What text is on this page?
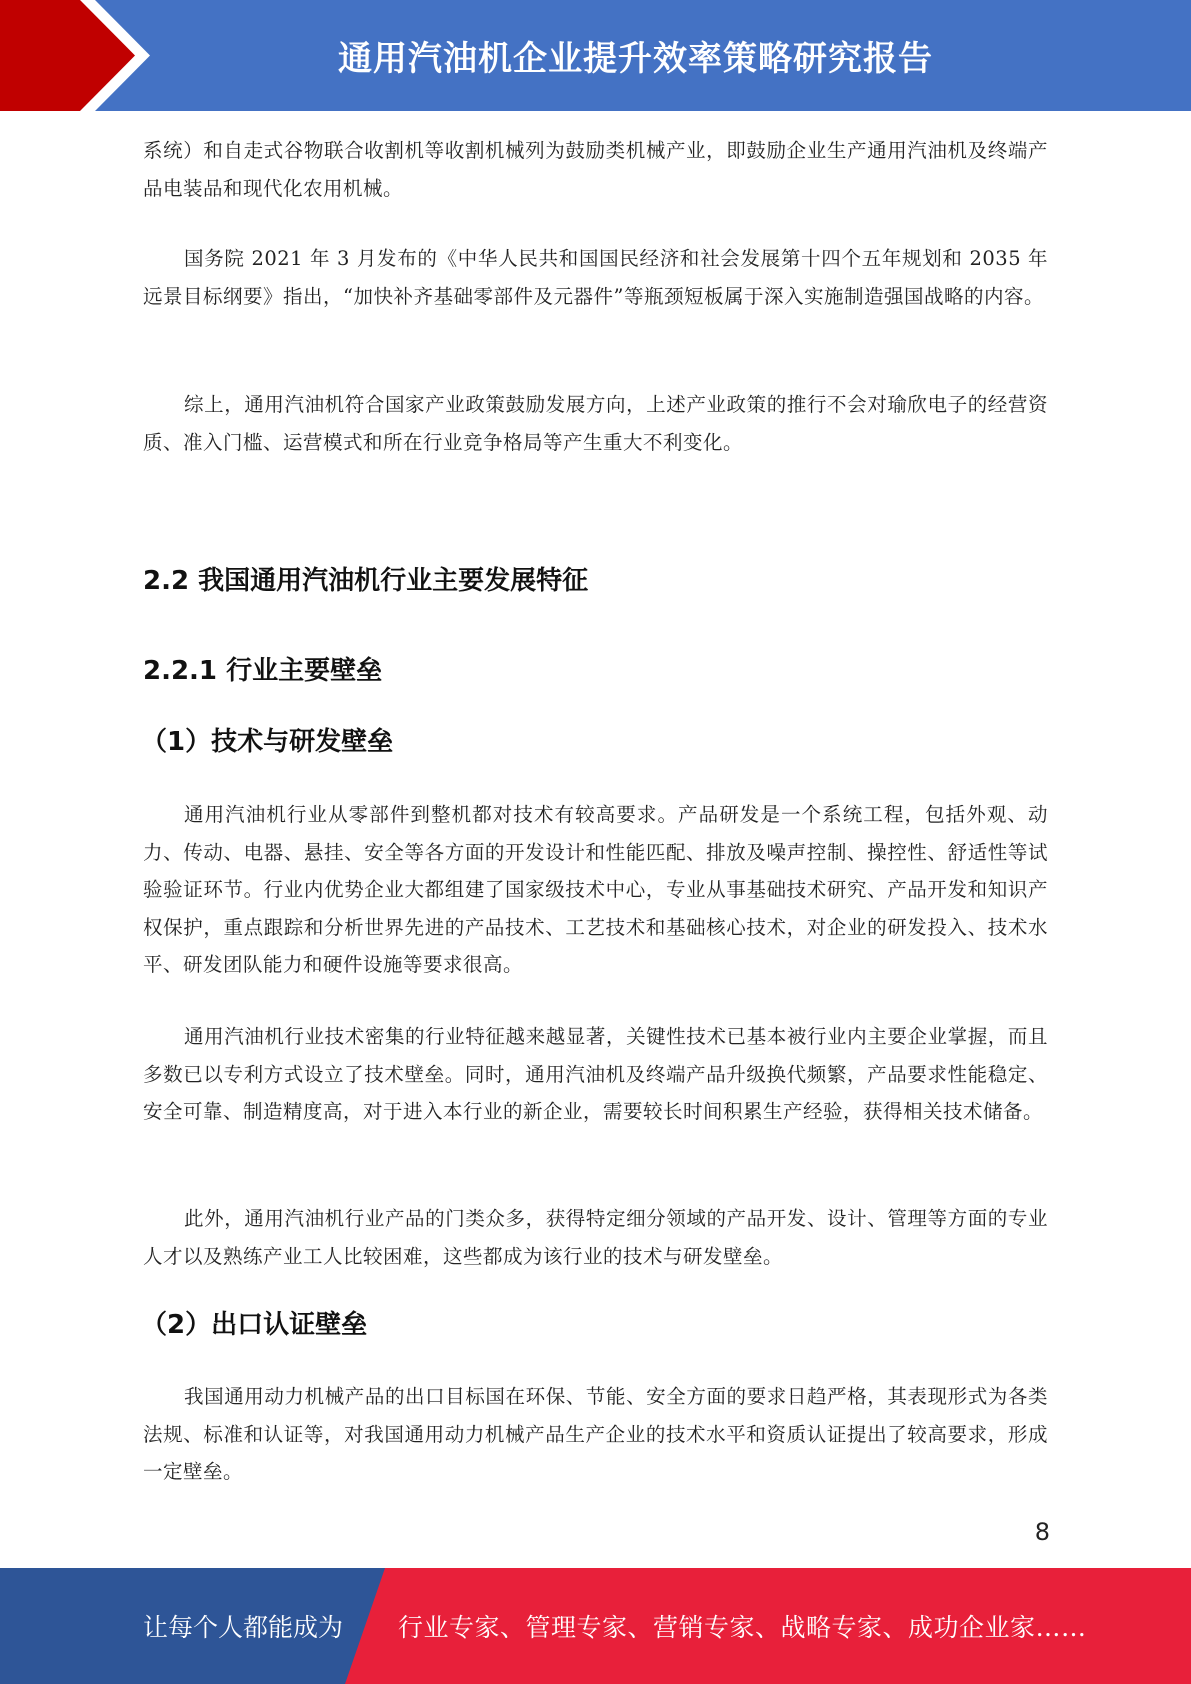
通用汽油机企业提升效率策略研究报告

系统）和自走式谷物联合收割机等收割机械列为鼓励类机械产业，即鼓励企业生产通用汽油机及终端产品电装品和现代化农用机械。

国务院 2021 年 3 月发布的《中华人民共和国国民经济和社会发展第十四个五年规划和 2035 年远景目标纲要》指出，“加快补齐基础零部件及元器件”等瓶颈短板属于深入实施制造强国战略的内容。

综上，通用汽油机符合国家产业政策鼓励发展方向，上述产业政策的推行不会对瑜欣电子的经营资质、准入门槛、运营模式和所在行业竞争格局等产生重大不利变化。

2.2 我国通用汽油机行业主要发展特征
2.2.1 行业主要壁垒
（1）技术与研发壁垒

通用汽油机行业从零部件到整机都对技术有较高要求。产品研发是一个系统工程，包括外观、动力、传动、电器、悬挂、安全等各方面的开发设计和性能匹配、排放及噪声控制、操控性、舒适性等试验验证环节。行业内优势企业大都组建了国家级技术中心，专业从事基础技术研究、产品开发和知识产权保护，重点跟踪和分析世界先进的产品技术、工艺技术和基础核心技术，对企业的研发投入、技术水平、研发团队能力和硬件设施等要求很高。

通用汽油机行业技术密集的行业特征越来越显著，关键性技术已基本被行业内主要企业掌握，而且多数已以专利方式设立了技术壁垒。同时，通用汽油机及终端产品升级换代频繁，产品要求性能稳定、安全可靠、制造精度高，对于进入本行业的新企业，需要较长时间积累生产经验，获得相关技术储备。

此外，通用汽油机行业产品的门类众多，获得特定细分领域的产品开发、设计、管理等方面的专业人才以及熟练产业工人比较困难，这些都成为该行业的技术与研发壁垒。

（2）出口认证壁垒

我国通用动力机械产品的出口目标国在环保、节能、安全方面的要求日趋严格，其表现形式为各类法规、标准和认证等，对我国通用动力机械产品生产企业的技术水平和资质认证提出了较高要求，形成一定壁垒。

8
让每个人都能成为 行业专家、管理专家、营销专家、战略专家、成功企业家……
